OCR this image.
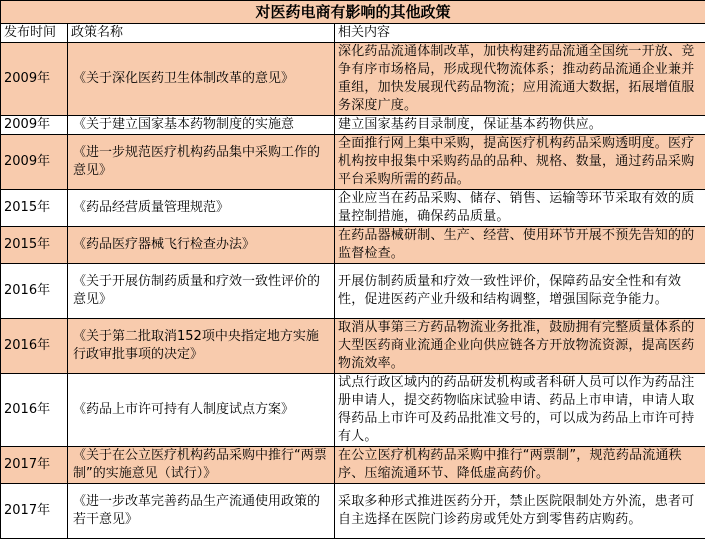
对医药电商有影响的其他政策		
发布时间	政策名称	相关内容
2009年	《关于深化医药卫生体制改革的意见》	深化药品流通体制改革，加快构建药品流通全国统一开放、竞争有序市场格局，形成现代物流体系；推动药品流通企业兼并重组，加快发展现代药品物流；应用流通大数据，拓展增值服务深度广度。
2009年	《关于建立国家基本药物制度的实施意	建立国家基药目录制度，保证基本药物供应。
2009年	《进一步规范医疗机构药品集中采购工作的意见》	全面推行网上集中采购，提高医疗机构药品采购透明度。医疗机构按申报集中采购药品的品种、规格、数量，通过药品采购平台采购所需的药品。
2015年	《药品经营质量管理规范》	企业应当在药品采购、储存、销售、运输等环节采取有效的质量控制措施，确保药品质量。
2015年	《药品医疗器械飞行检查办法》	在药品器械研制、生产、经营、使用环节开展不预先告知的的监督检查。
2016年	《关于开展仿制药质量和疗效一致性评价的意见》	开展仿制药质量和疗效一致性评价，保障药品安全性和有效性，促进医药产业升级和结构调整，增强国际竞争能力。
2016年	《关于第二批取消152项中央指定地方实施行政审批事项的决定》	取消从事第三方药品物流业务批准，鼓励拥有完整质量体系的大型医药商业流通企业向供应链各方开放物流资源，提高医药物流效率。
2016年	《药品上市许可持有人制度试点方案》	试点行政区域内的药品研发机构或者科研人员可以作为药品注册申请人，提交药物临床试验申请、药品上市申请，申请人取得药品上市许可及药品批准文号的，可以成为药品上市许可持有人。
2017年	《关于在公立医疗机构药品采购中推行“两票制”的实施意见（试行）》	在公立医疗机构药品采购中推行“两票制”，规范药品流通秩序、压缩流通环节、降低虚高药价。
2017年	《进一步改革完善药品生产流通使用政策的若干意见》	采取多种形式推进医药分开，禁止医院限制处方外流，患者可自主选择在医院门诊药房或凭处方到零售药店购药。
